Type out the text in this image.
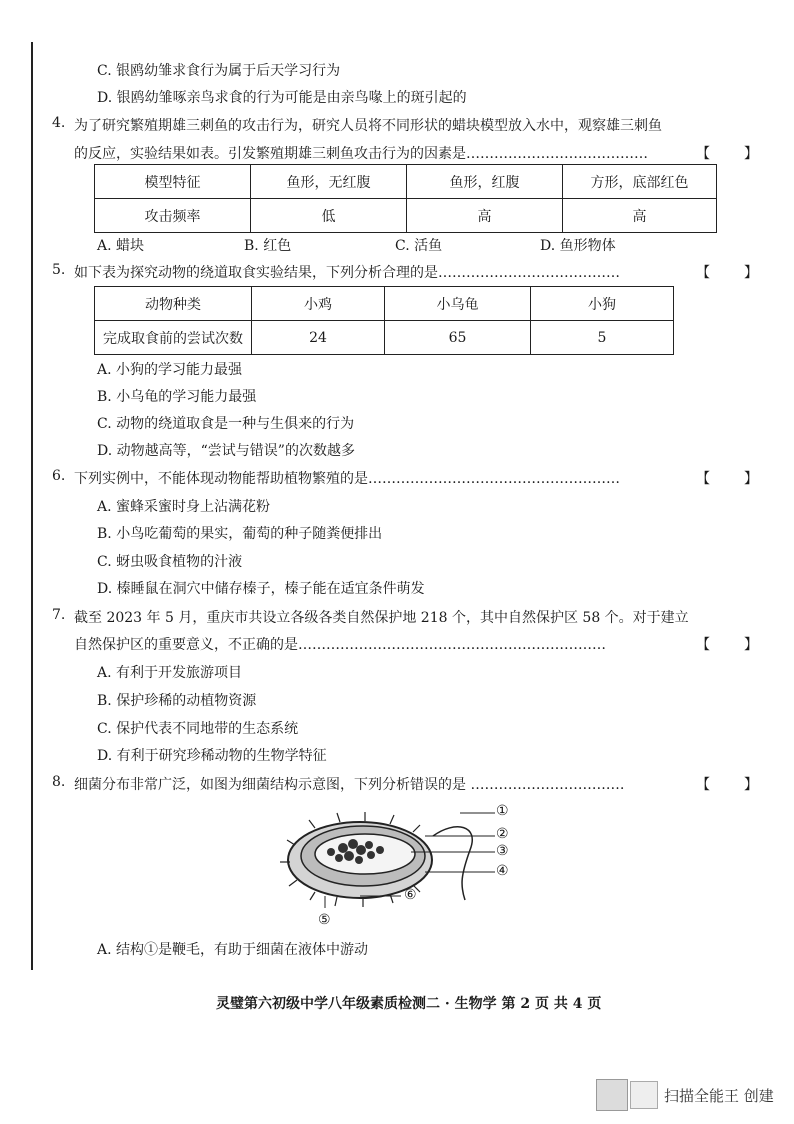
C. 银鸥幼雏求食行为属于后天学习行为
D. 银鸥幼雏啄亲鸟求食的行为可能是由亲鸟喙上的斑引起的
4. 为了研究繁殖期雄三刺鱼的攻击行为，研究人员将不同形状的蜡块模型放入水中，观察雄三刺鱼
的反应，实验结果如表。引发繁殖期雄三刺鱼攻击行为的因素是…………………………………	【 】
模型特征	鱼形，无红腹	鱼形，红腹	方形，底部红色
攻击频率	低	高	高
A. 蜡块	B. 红色	C. 活鱼	D. 鱼形物体
5. 如下表为探究动物的绕道取食实验结果，下列分析合理的是…………………………………	【 】
动物种类	小鸡	小乌龟	小狗
完成取食前的尝试次数	24	65	5
A. 小狗的学习能力最强
B. 小乌龟的学习能力最强
C. 动物的绕道取食是一种与生俱来的行为
D. 动物越高等，“尝试与错误”的次数越多
6. 下列实例中，不能体现动物能帮助植物繁殖的是………………………………………………	【 】
A. 蜜蜂采蜜时身上沾满花粉
B. 小鸟吃葡萄的果实，葡萄的种子随粪便排出
C. 蚜虫吸食植物的汁液
D. 榛睡鼠在洞穴中储存榛子，榛子能在适宜条件萌发
7. 截至 2023 年 5 月，重庆市共设立各级各类自然保护地 218 个，其中自然保护区 58 个。对于建立
自然保护区的重要意义，不正确的是…………………………………………………………	【 】
A. 有利于开发旅游项目
B. 保护珍稀的动植物资源
C. 保护代表不同地带的生态系统
D. 有利于研究珍稀动物的生物学特征
8. 细菌分布非常广泛，如图为细菌结构示意图，下列分析错误的是 ……………………………	【 】
①
②
③
④
⑤
⑥
A. 结构①是鞭毛，有助于细菌在液体中游动
灵璧第六初级中学八年级素质检测二 · 生物学 第 2 页 共 4 页
扫描全能王 创建
